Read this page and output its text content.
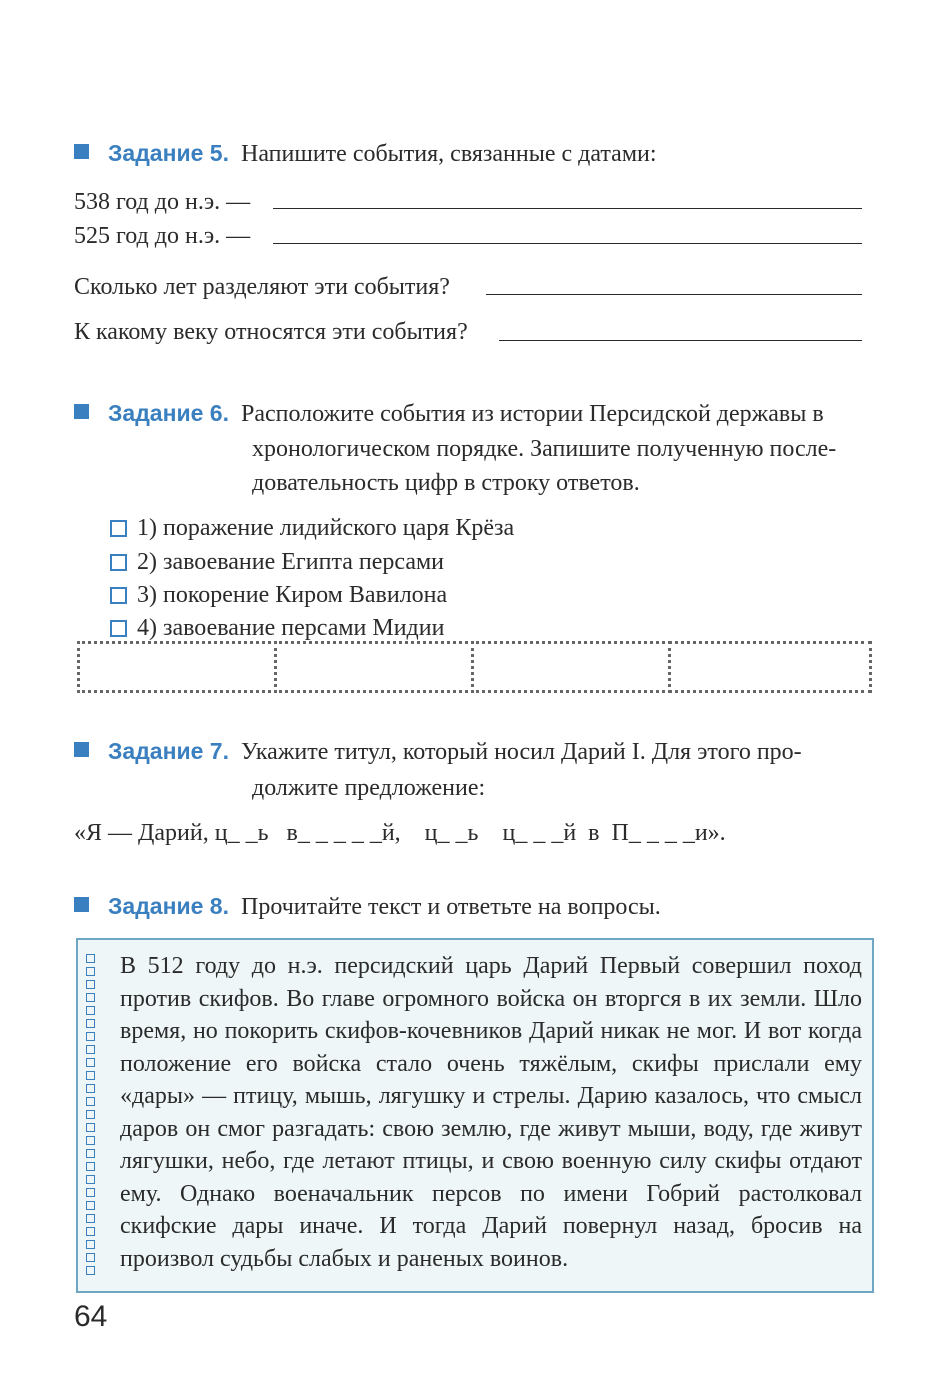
Задание 5. Напишите события, связанные с датами:
538 год до н.э. —
525 год до н.э. —
Сколько лет разделяют эти события?
К какому веку относятся эти события?
Задание 6. Расположите события из истории Персидской державы в
хронологическом порядке. Запишите полученную после-
довательность цифр в строку ответов.
1) поражение лидийского царя Крёза
2) завоевание Египта персами
3) покорение Киром Вавилона
4) завоевание персами Мидии
Задание 7. Укажите титул, который носил Дарий I. Для этого про-
должите предложение:
«Я — Дарий, ц_ _ь   в_ _ _ _ _й,    ц_ _ь    ц_ _ _й  в  П_ _ _ _и».
Задание 8. Прочитайте текст и ответьте на вопросы.
В 512 году до н.э. персидский царь Дарий Первый совершил поход против скифов. Во главе огромного войска он вторгся в их земли. Шло время, но покорить скифов-кочевников Дарий никак не мог. И вот когда положение его войска стало очень тяжёлым, скифы прислали ему «дары» — птицу, мышь, лягушку и стрелы. Дарию казалось, что смысл даров он смог разгадать: свою землю, где живут мыши, воду, где живут лягушки, небо, где летают птицы, и свою военную силу скифы отдают ему. Однако военачальник персов по имени Гобрий растолковал скифские дары иначе. И тогда Дарий повернул назад, бросив на произвол судьбы слабых и раненых воинов.
64
